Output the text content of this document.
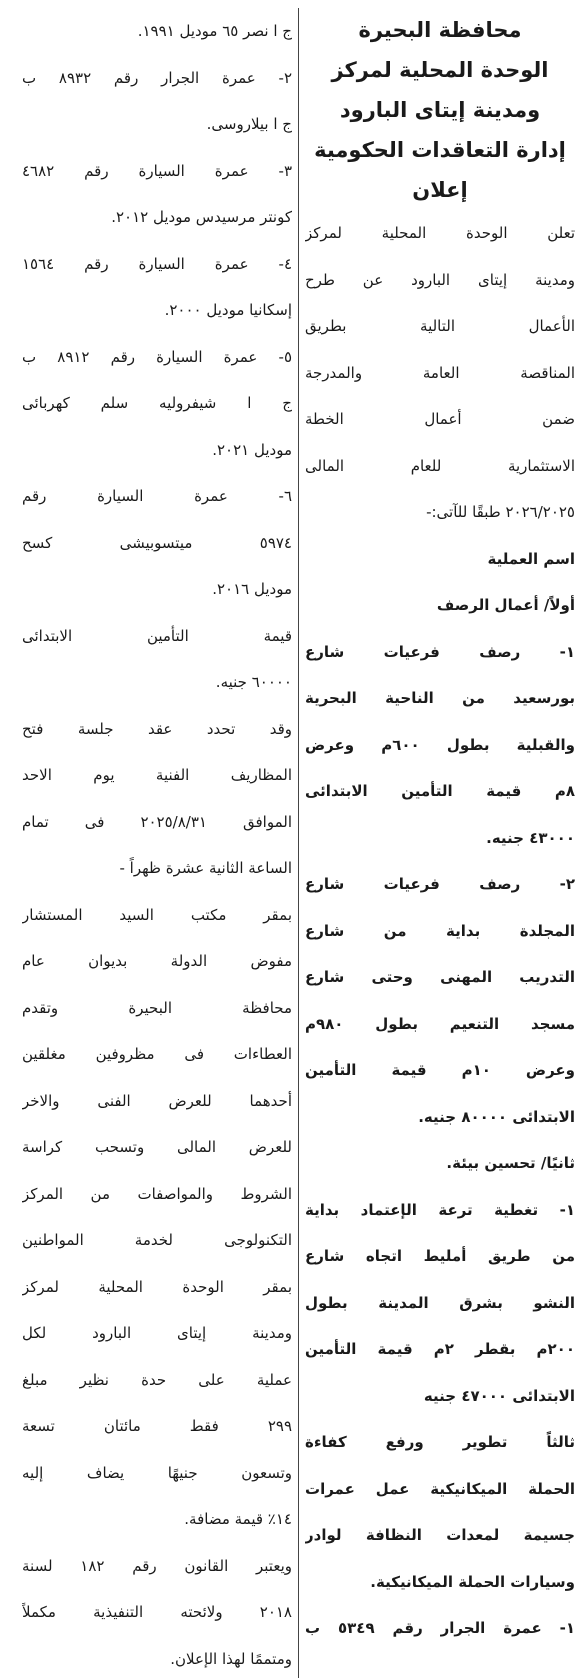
محافظة البحيرة
الوحدة المحلية لمركز
ومدينة إيتاى البارود
إدارة التعاقدات الحكومية
إعلان
تعلن الوحدة المحلية لمركز
ومدينة إيتاى البارود عن طرح
الأعمال التالية بطريق
المناقصة العامة والمدرجة
ضمن أعمال الخطة
الاستثمارية للعام المالى
٢٠٢٦/٢٠٢٥ طبقًا للآتى:-
اسم العملية
أولاً/ أعمال الرصف
١- رصف فرعيات شارع
بورسعيد من الناحية البحرية
والقبلية بطول ٦٠٠م وعرض
٨م قيمة التأمين الابتدائى
٤٣٠٠٠ جنيه.
٢- رصف فرعيات شارع
المجلدة بداية من شارع
التدريب المهنى وحتى شارع
مسجد التنعيم بطول ٩٨٠م
وعرض ١٠م قيمة التأمين
الابتدائى ٨٠٠٠٠ جنيه.
ثانيًا/ تحسين بيئة.
١- تغطية ترعة الإعتماد بداية
من طريق أمليط اتجاه شارع
النشو بشرق المدينة بطول
٢٠٠م بقطر ٢م قيمة التأمين
الابتدائى ٤٧٠٠٠ جنيه
ثالثاً تطوير ورفع كفاءة
الحملة الميكانيكية عمل عمرات
جسيمة لمعدات النظافة لوادر
وسيارات الحملة الميكانيكية.
١- عمرة الجرار رقم ٥٣٤٩ ب
ج ا نصر ٦٥ موديل ١٩٩١.
٢- عمرة الجرار رقم ٨٩٣٢ ب
ج ا بيلاروسى.
٣- عمرة السيارة رقم ٤٦٨٢
كونتر مرسيدس موديل ٢٠١٢.
٤- عمرة السيارة رقم ١٥٦٤
إسكانيا موديل ٢٠٠٠.
٥- عمرة السيارة رقم ٨٩١٢ ب
ج ا شيفروليه سلم كهربائى
موديل ٢٠٢١.
٦- عمرة السيارة رقم
٥٩٧٤ ميتسوبيشى كسح
موديل ٢٠١٦.
قيمة التأمين الابتدائى
٦٠٠٠٠ جنيه.
وقد تحدد عقد جلسة فتح
المظاريف الفنية يوم الاحد
الموافق ٢٠٢٥/٨/٣١ فى تمام
الساعة الثانية عشرة ظهراً -
بمقر مكتب السيد المستشار
مفوض الدولة بديوان عام
محافظة البحيرة وتقدم
العطاءات فى مظروفين مغلقين
أحدهما للعرض الفنى والاخر
للعرض المالى وتسحب كراسة
الشروط والمواصفات من المركز
التكنولوجى لخدمة المواطنين
بمقر الوحدة المحلية لمركز
ومدينة إيتاى البارود لكل
عملية على حدة نظير مبلغ
٢٩٩ فقط مائتان تسعة
وتسعون جنيهًا يضاف إليه
١٤٪ قيمة مضافة.
ويعتبر القانون رقم ١٨٢ لسنة
٢٠١٨ ولائحته التنفيذية مكملاً
ومتممًا لهذا الإعلان.
